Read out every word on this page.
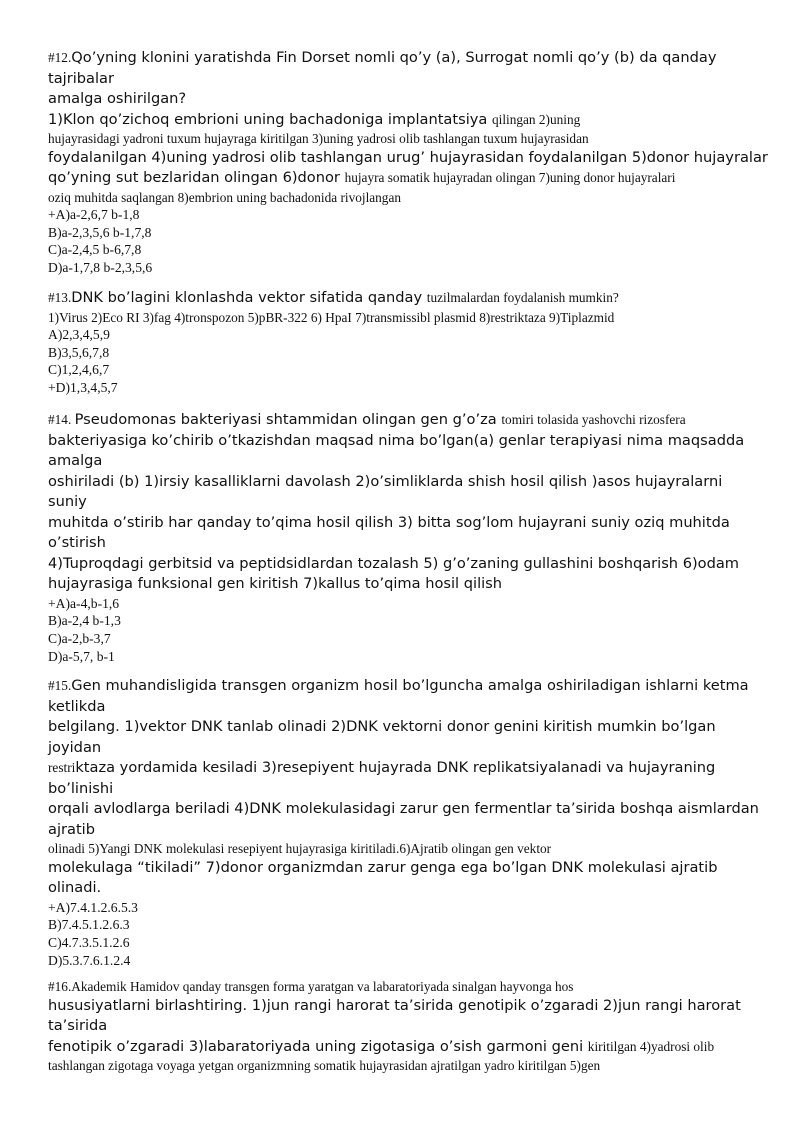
#12.Qo’yning klonini yaratishda Fin Dorset nomli qo’y (a), Surrogat nomli qo’y (b) da qanday
tajribalar
amalga oshirilgan?
1)Klon qo’zichoq embrioni uning bachadoniga implantatsiya qilingan 2)uning
hujayrasidagi yadroni tuxum hujayraga kiritilgan 3)uning yadrosi olib tashlangan tuxum hujayrasidan
foydalanilgan 4)uning yadrosi olib tashlangan urug’ hujayrasidan foydalanilgan 5)donor hujayralar
qo’yning sut bezlaridan olingan 6)donor hujayra somatik hujayradan olingan 7)uning donor hujayralari
oziq muhitda saqlangan 8)embrion uning bachadonida rivojlangan
+A)a-2,6,7 b-1,8
B)a-2,3,5,6 b-1,7,8
C)a-2,4,5 b-6,7,8
D)a-1,7,8 b-2,3,5,6
#13.DNK bo’lagini klonlashda vektor sifatida qanday tuzilmalardan foydalanish mumkin?
1)Virus 2)Eco RI 3)fag 4)tronspozon 5)pBR-322 6) HpaI 7)transmissibl plasmid 8)restriktaza 9)Tiplazmid
A)2,3,4,5,9
B)3,5,6,7,8
C)1,2,4,6,7
+D)1,3,4,5,7
#14. Pseudomonas bakteriyasi shtammidan olingan gen g’o’za tomiri tolasida yashovchi rizosfera
bakteriyasiga ko’chirib o’tkazishdan maqsad nima bo’lgan(a) genlar terapiyasi nima maqsadda
amalga
oshiriladi (b) 1)irsiy kasalliklarni davolash 2)o’simliklarda shish hosil qilish )asos hujayralarni
suniy
muhitda o’stirib har qanday to’qima hosil qilish 3) bitta sog’lom hujayrani suniy oziq muhitda
o’stirish
4)Tuproqdagi gerbitsid va peptidsidlardan tozalash 5) g’o’zaning gullashini boshqarish 6)odam
hujayrasiga funksional gen kiritish 7)kallus to’qima hosil qilish
+A)a-4,b-1,6
B)a-2,4 b-1,3
C)a-2,b-3,7
D)a-5,7, b-1
#15.Gen muhandisligida transgen organizm hosil bo’lguncha amalga oshiriladigan ishlarni ketma
ketlikda
belgilang. 1)vektor DNK tanlab olinadi 2)DNK vektorni donor genini kiritish mumkin bo’lgan
joyidan
restriktaza yordamida kesiladi 3)resepiyent hujayrada DNK replikatsiyalanadi va hujayraning
bo’linishi
orqali avlodlarga beriladi 4)DNK molekulasidagi zarur gen fermentlar ta’sirida boshqa aismlardan
ajratib
olinadi 5)Yangi DNK molekulasi resepiyent hujayrasiga kiritiladi.6)Ajratib olingan gen vektor
molekulaga “tikiladi” 7)donor organizmdan zarur genga ega bo’lgan DNK molekulasi ajratib
olinadi.
+A)7.4.1.2.6.5.3
B)7.4.5.1.2.6.3
C)4.7.3.5.1.2.6
D)5.3.7.6.1.2.4
#16.Akademik Hamidov qanday transgen forma yaratgan va labaratoriyada sinalgan hayvonga hos
hususiyatlarni birlashtiring. 1)jun rangi harorat ta’sirida genotipik o’zgaradi 2)jun rangi harorat
ta’sirida
fenotipik o’zgaradi 3)labaratoriyada uning zigotasiga o’sish garmoni geni kiritilgan 4)yadrosi olib
tashlangan zigotaga voyaga yetgan organizmning somatik hujayrasidan ajratilgan yadro kiritilgan 5)gen
